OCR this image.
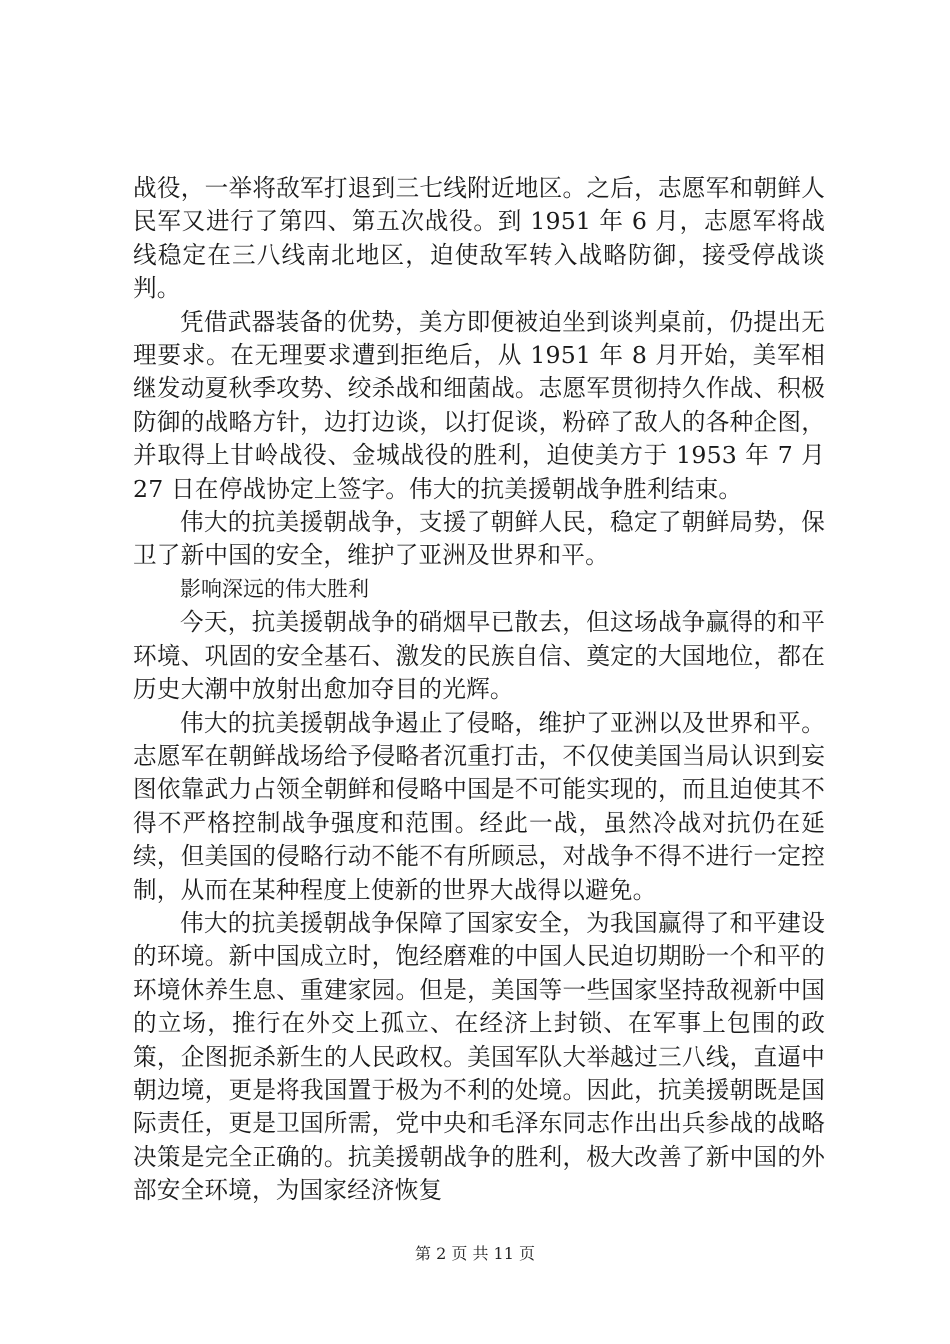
战役，一举将敌军打退到三七线附近地区。之后，志愿军和朝鲜人民军又进行了第四、第五次战役。到 1951 年 6 月，志愿军将战线稳定在三八线南北地区，迫使敌军转入战略防御，接受停战谈判。

凭借武器装备的优势，美方即便被迫坐到谈判桌前，仍提出无理要求。在无理要求遭到拒绝后，从 1951 年 8 月开始，美军相继发动夏秋季攻势、绞杀战和细菌战。志愿军贯彻持久作战、积极防御的战略方针，边打边谈，以打促谈，粉碎了敌人的各种企图，并取得上甘岭战役、金城战役的胜利，迫使美方于 1953 年 7 月 27 日在停战协定上签字。伟大的抗美援朝战争胜利结束。

伟大的抗美援朝战争，支援了朝鲜人民，稳定了朝鲜局势，保卫了新中国的安全，维护了亚洲及世界和平。

影响深远的伟大胜利

今天，抗美援朝战争的硝烟早已散去，但这场战争赢得的和平环境、巩固的安全基石、激发的民族自信、奠定的大国地位，都在历史大潮中放射出愈加夺目的光辉。

伟大的抗美援朝战争遏止了侵略，维护了亚洲以及世界和平。志愿军在朝鲜战场给予侵略者沉重打击，不仅使美国当局认识到妄图依靠武力占领全朝鲜和侵略中国是不可能实现的，而且迫使其不得不严格控制战争强度和范围。经此一战，虽然冷战对抗仍在延续，但美国的侵略行动不能不有所顾忌，对战争不得不进行一定控制，从而在某种程度上使新的世界大战得以避免。

伟大的抗美援朝战争保障了国家安全，为我国赢得了和平建设的环境。新中国成立时，饱经磨难的中国人民迫切期盼一个和平的环境休养生息、重建家园。但是，美国等一些国家坚持敌视新中国的立场，推行在外交上孤立、在经济上封锁、在军事上包围的政策，企图扼杀新生的人民政权。美国军队大举越过三八线，直逼中朝边境，更是将我国置于极为不利的处境。因此，抗美援朝既是国际责任，更是卫国所需，党中央和毛泽东同志作出出兵参战的战略决策是完全正确的。抗美援朝战争的胜利，极大改善了新中国的外部安全环境，为国家经济恢复

第 2 页 共 11 页
